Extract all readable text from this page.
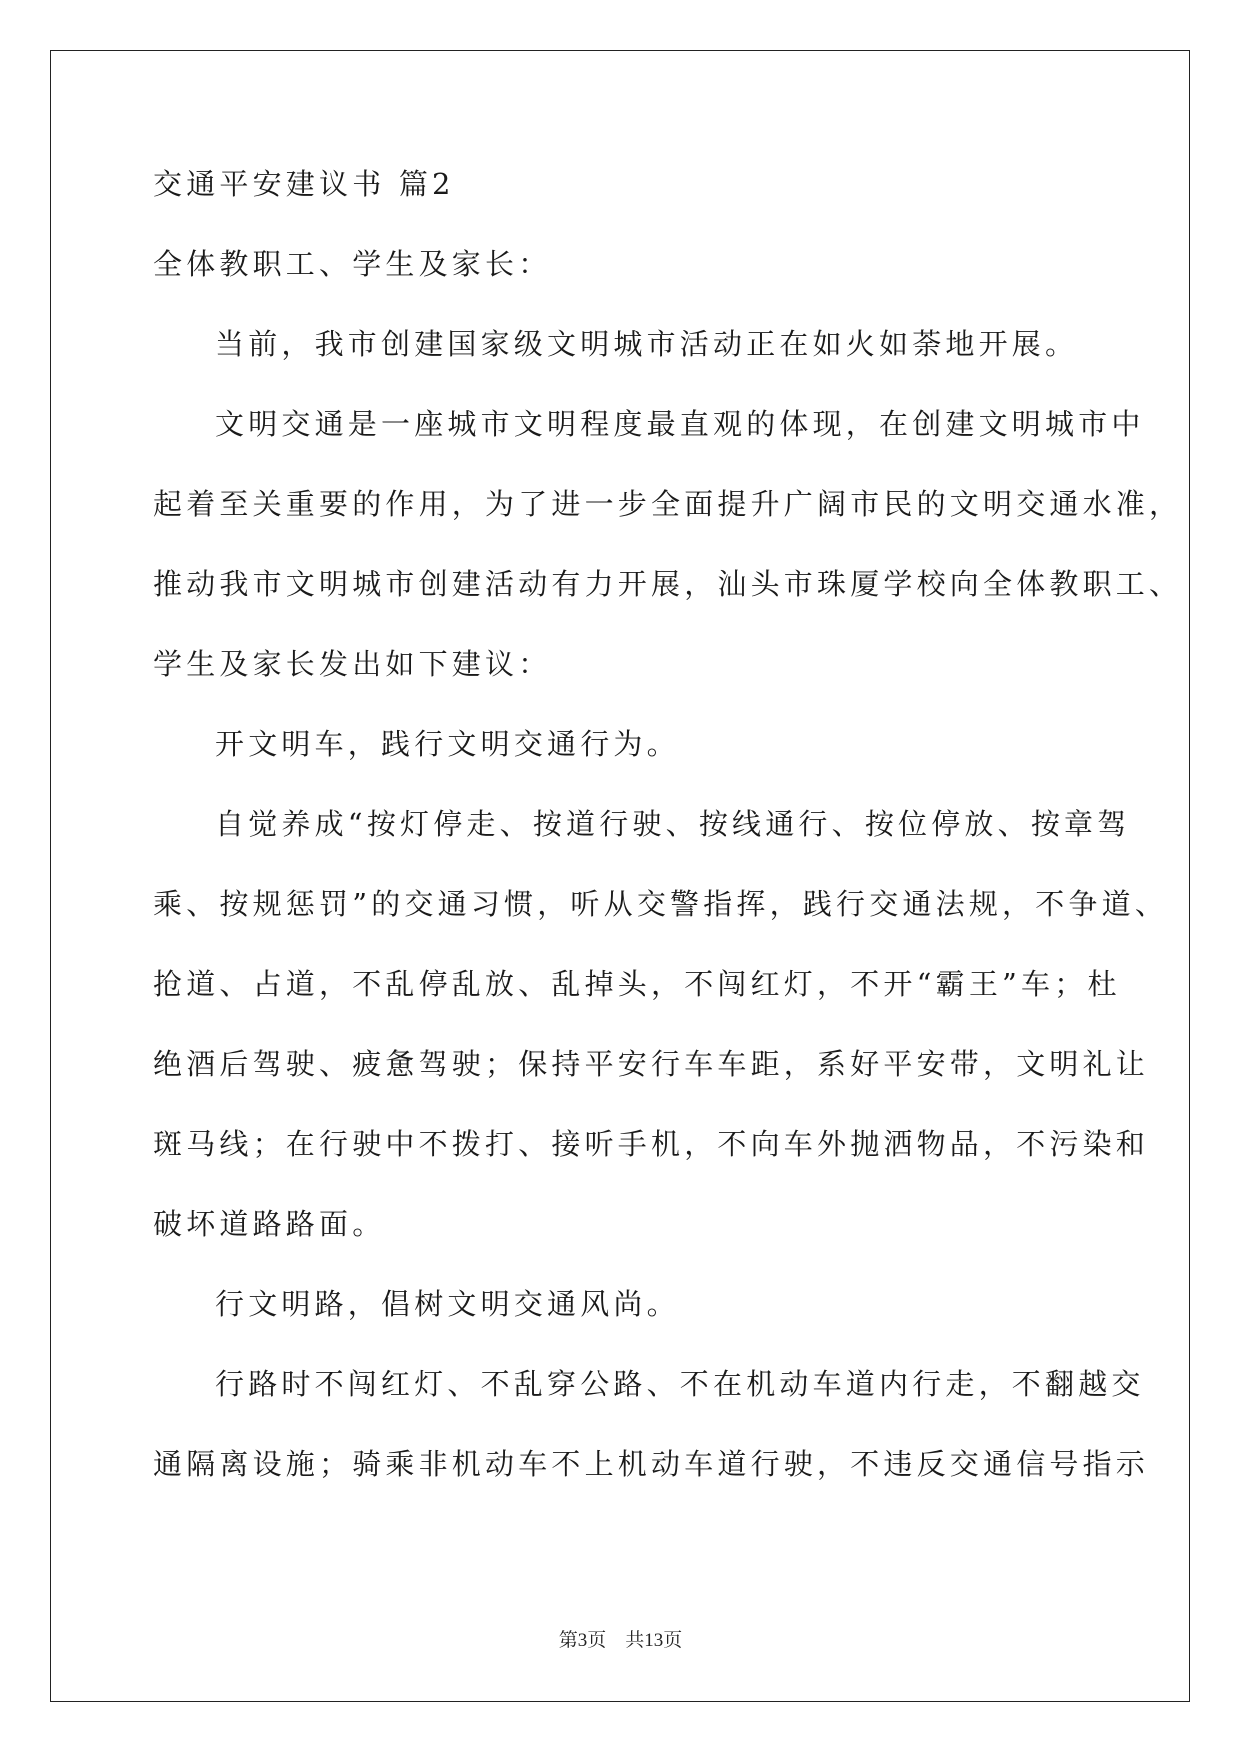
交通平安建议书 篇2
全体教职工、学生及家长：
当前，我市创建国家级文明城市活动正在如火如荼地开展。
文明交通是一座城市文明程度最直观的体现，在创建文明城市中
起着至关重要的作用，为了进一步全面提升广阔市民的文明交通水准，
推动我市文明城市创建活动有力开展，汕头市珠厦学校向全体教职工、
学生及家长发出如下建议：
开文明车，践行文明交通行为。
自觉养成“按灯停走、按道行驶、按线通行、按位停放、按章驾
乘、按规惩罚”的交通习惯，听从交警指挥，践行交通法规，不争道、
抢道、占道，不乱停乱放、乱掉头，不闯红灯，不开“霸王”车；杜
绝酒后驾驶、疲惫驾驶；保持平安行车车距，系好平安带，文明礼让
斑马线；在行驶中不拨打、接听手机，不向车外抛洒物品，不污染和
破坏道路路面。
行文明路，倡树文明交通风尚。
行路时不闯红灯、不乱穿公路、不在机动车道内行走，不翻越交
通隔离设施；骑乘非机动车不上机动车道行驶，不违反交通信号指示
第3页　共13页
